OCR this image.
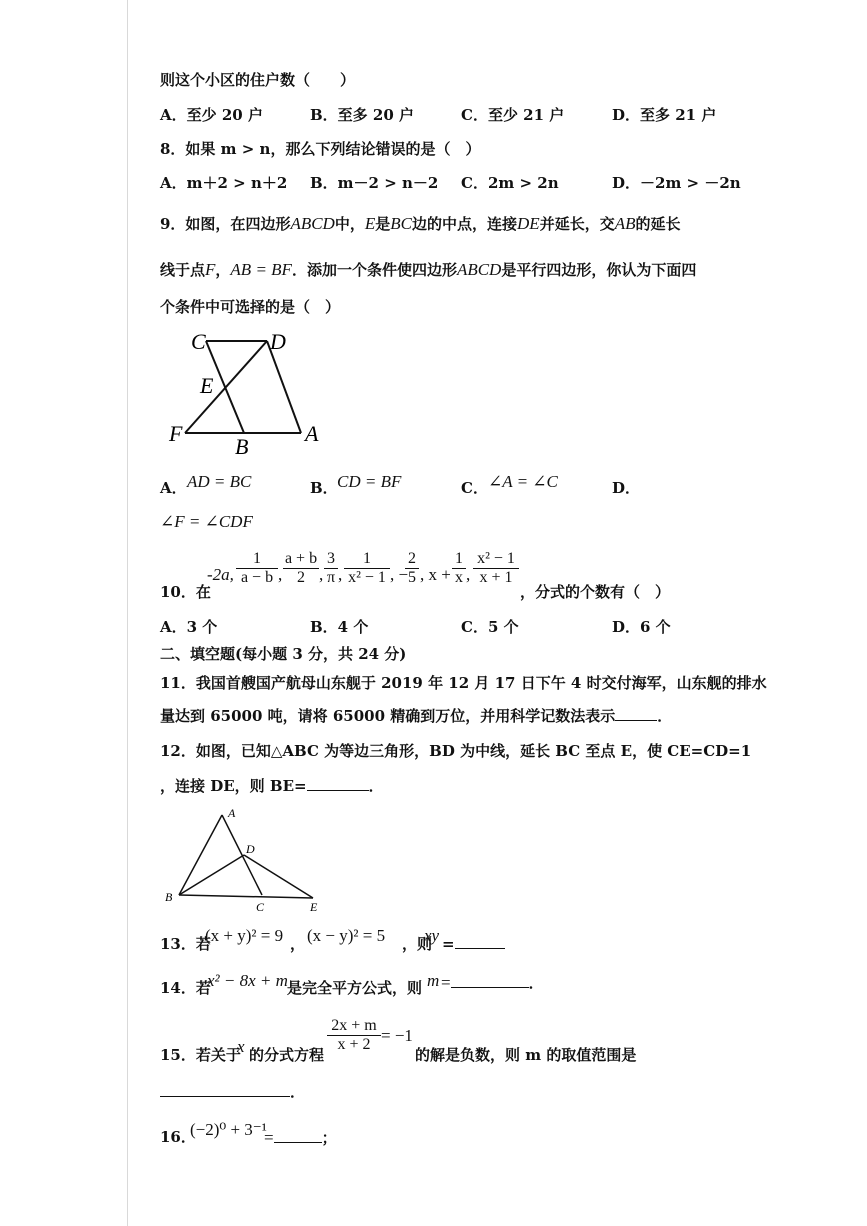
则这个小区的住户数（　　）
A．至少 20 户	B．至多 20 户	C．至少 21 户	D．至多 21 户
8．如果 m > n，那么下列结论错误的是（　）
A．m＋2 > n＋2 B．m－2 > n－2 C．2m > 2n	D．－2m > －2n
9．如图，在四边形ABCD中，E是BC边的中点，连接DE并延长，交AB的延长
线于点F，AB = BF．添加一个条件使四边形ABCD是平行四边形，你认为下面四
个条件中可选择的是（　）
C	D
E
F
B
A
A． AD = BC	B． CD = BF	C． ∠A = ∠C	D．
∠F = ∠CDF
10．在
-2a, $\frac{1}{a - b}$ , $\frac{a + b}{2}$ , $\frac{3}{\pi}$ , $\frac{1}{\text{x² − 1}}$ , −
$\frac{2}{5}$ , $x + \frac{1}{x}$ , $\frac{\text{x² − 1}}{x + 1}$
，分式的个数有（　）
A．3 个	B．4 个	C．5 个	D．6 个
二、填空题(每小题 3 分，共 24 分)
11．我国首艘国产航母山东舰于 2019 年 12 月 17 日下午 4 时交付海军，山东舰的排水
量达到 65000 吨，请将 65000 精确到万位，并用科学记数法表示	．
12．如图，已知△ABC 为等边三角形，BD 为中线，延长 BC 至点 E，使 CE=CD=1
，连接 DE，则 BE=	．
A
D
B
C	E
13．若
(x + y)² = 9 ， (x − y)² = 5 ，则
xy =
14．若
x² − 8x + m 是完全平方公式，则 m =	．
15．若关于
x 的分式方程
$\frac{2x + m}{x + 2} = -1$
的解是负数，则 m 的取值范围是
．
16．
(−2)⁰ + 3⁻¹
=	；
